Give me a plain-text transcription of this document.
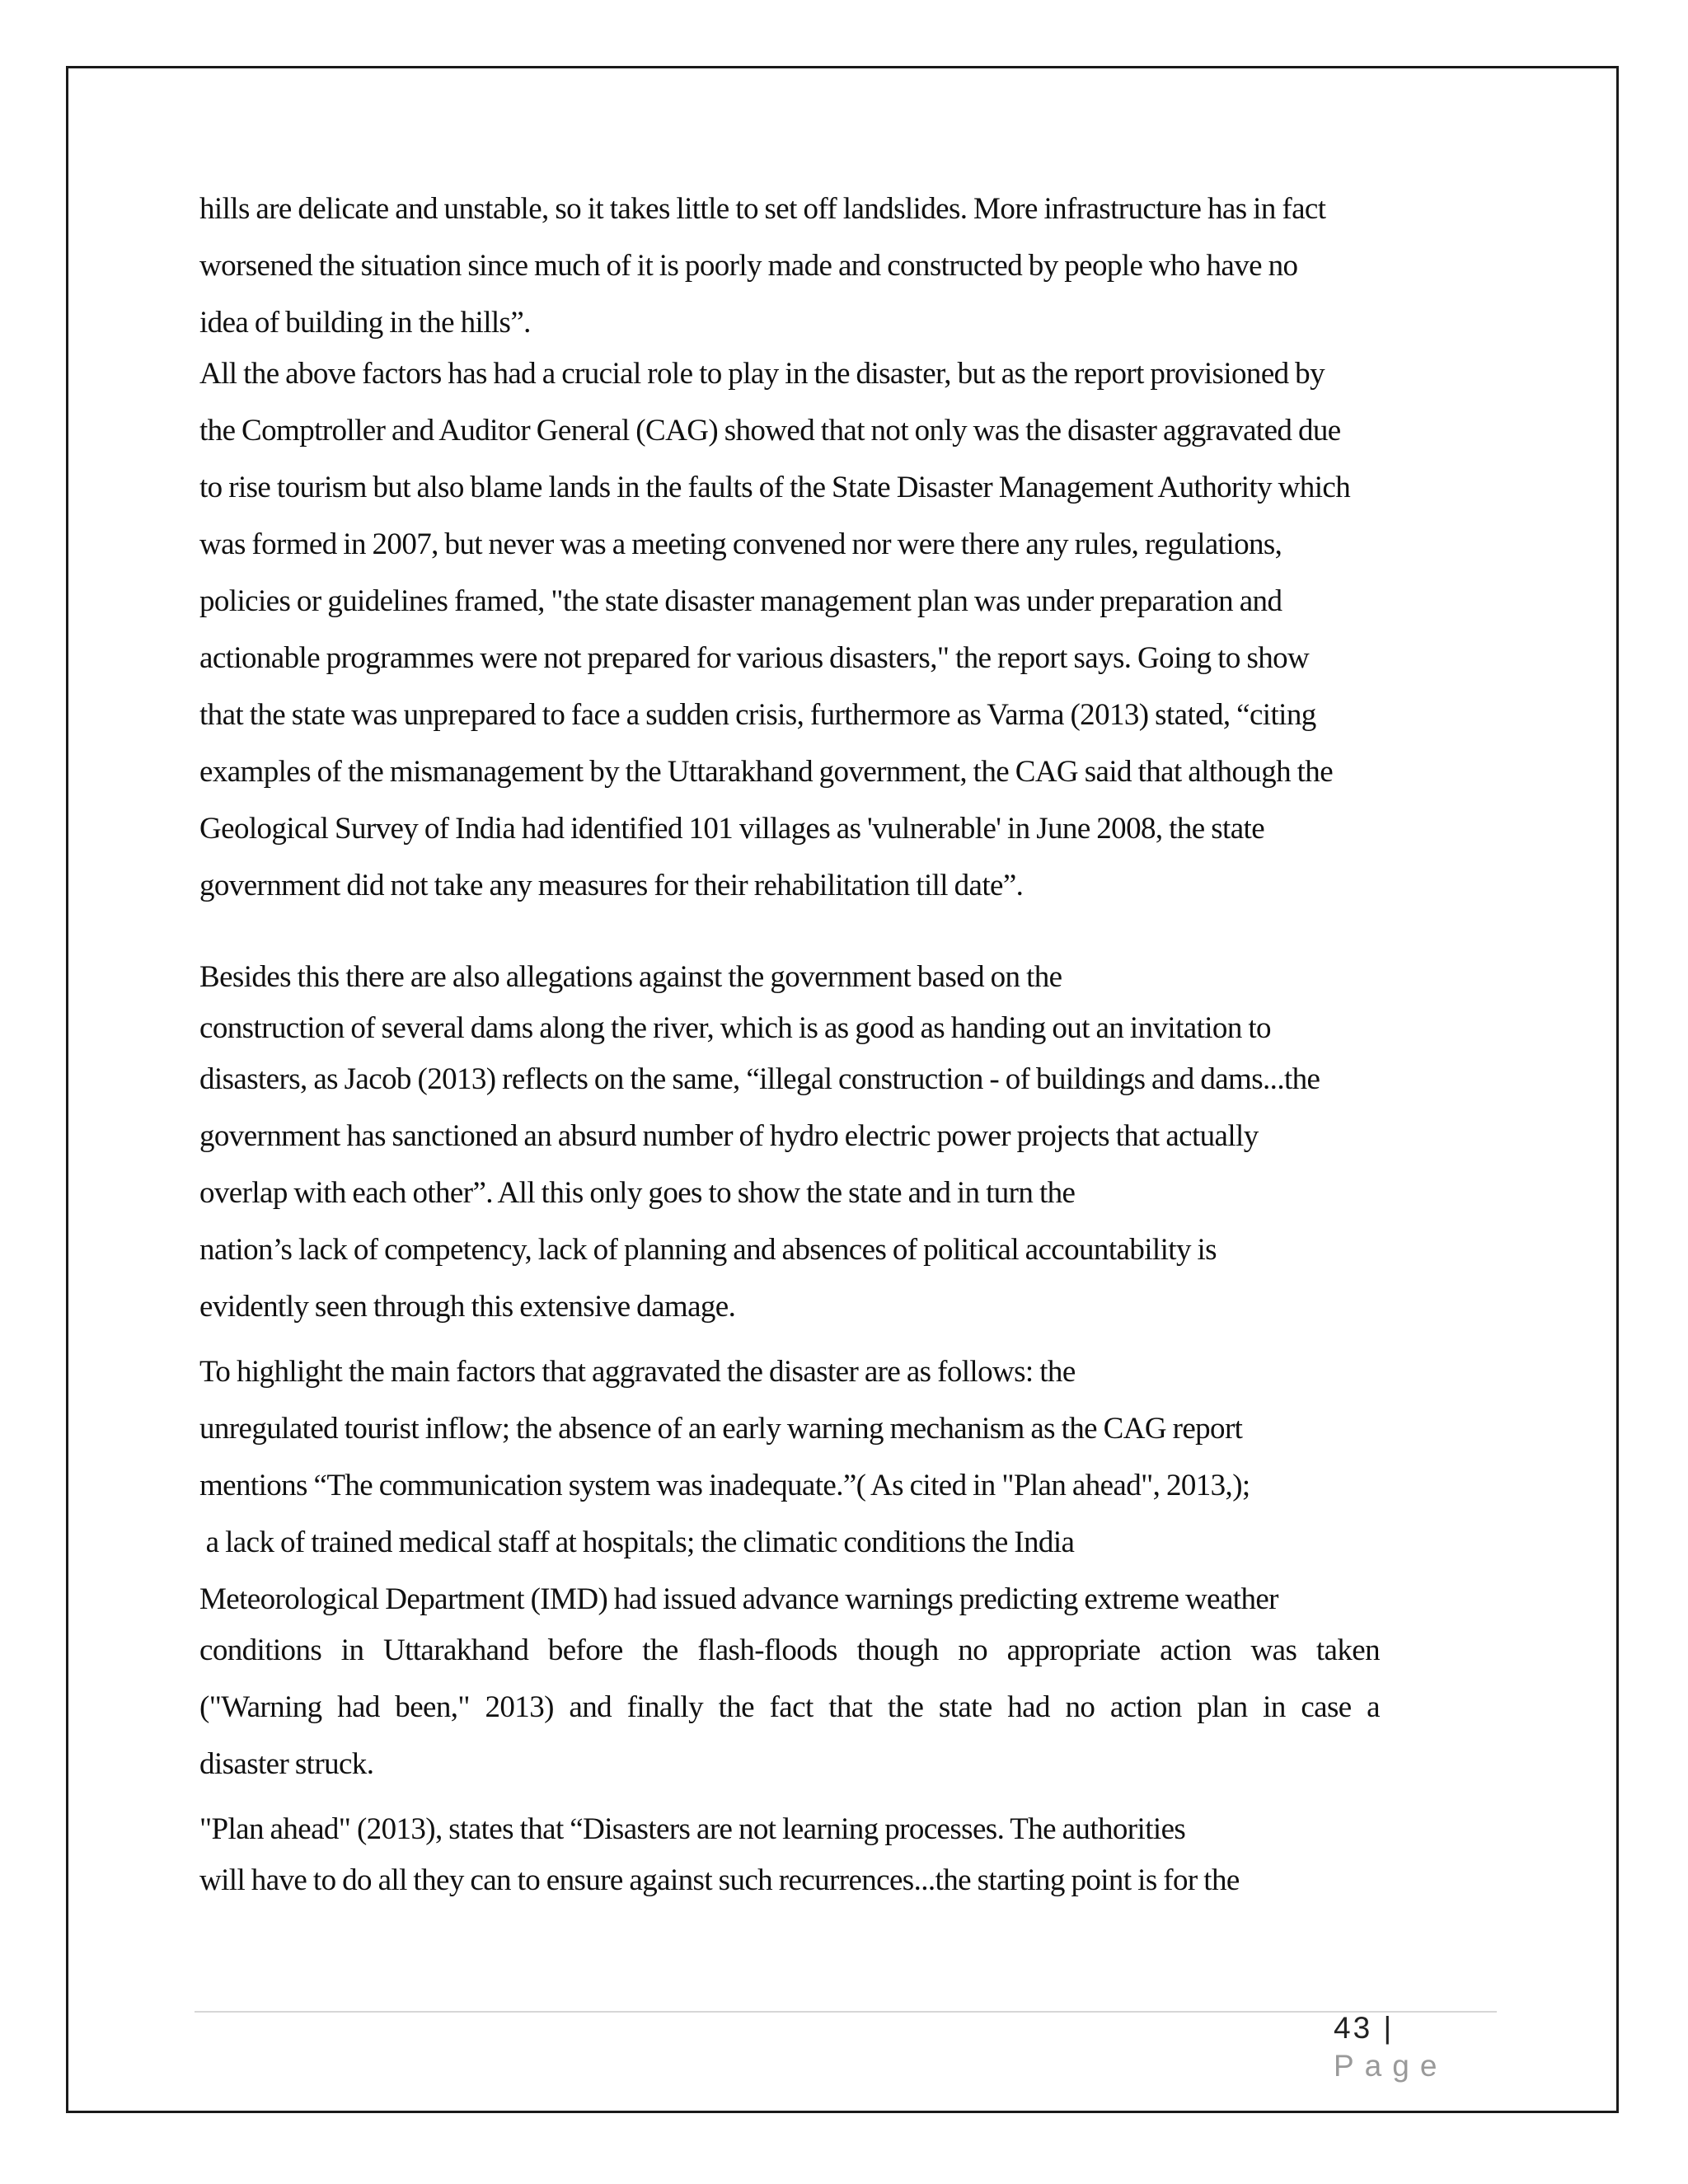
hills are delicate and unstable, so it takes little to set off landslides. More infrastructure has in fact
worsened the situation since much of it is poorly made and constructed by people who have no
idea of building in the hills”.
All the above factors has had a crucial role to play in the disaster, but as the report provisioned by
the Comptroller and Auditor General (CAG) showed that not only was the disaster aggravated due
to rise tourism but also blame lands in the faults of the State Disaster Management Authority which
was formed in 2007, but never was a meeting convened nor were there any rules, regulations,
policies or guidelines framed, "the state disaster management plan was under preparation and
actionable programmes were not prepared for various disasters," the report says. Going to show
that the state was unprepared to face a sudden crisis, furthermore as Varma (2013) stated, “citing
examples of the mismanagement by the Uttarakhand government, the CAG said that although the
Geological Survey of India had identified 101 villages as 'vulnerable' in June 2008, the state
government did not take any measures for their rehabilitation till date”.
Besides this there are also allegations against the government based on the
construction of several dams along the river, which is as good as handing out an invitation to
disasters, as Jacob (2013) reflects on the same, “illegal construction - of buildings and dams...the
government has sanctioned an absurd number of hydro electric power projects that actually
overlap with each other”. All this only goes to show the state and in turn the
nation’s lack of competency, lack of planning and absences of political accountability is
evidently seen through this extensive damage.
To highlight the main factors that aggravated the disaster are as follows: the
unregulated tourist inflow; the absence of an early warning mechanism as the CAG report
mentions “The communication system was inadequate.”( As cited in "Plan ahead", 2013,);
a lack of trained medical staff at hospitals; the climatic conditions the India
Meteorological Department (IMD) had issued advance warnings predicting extreme weather
conditions in Uttarakhand before the flash-floods though no appropriate action was taken
("Warning had been," 2013) and finally the fact that the state had no action plan in case a
disaster struck.
"Plan ahead" (2013), states that “Disasters are not learning processes. The authorities
will have to do all they can to ensure against such recurrences...the starting point is for the
43 | Page
